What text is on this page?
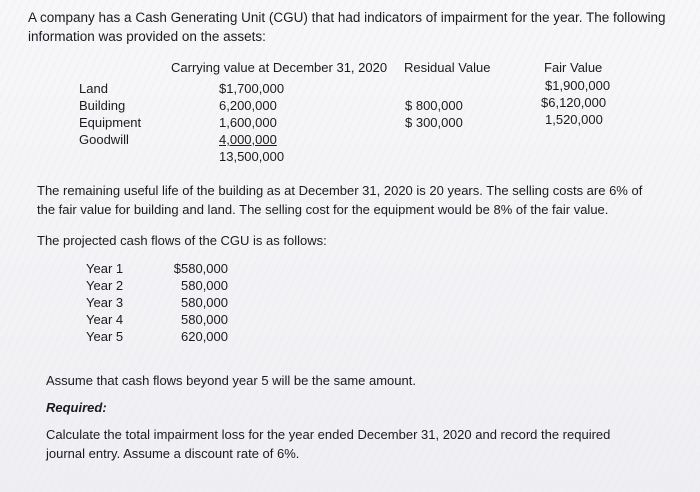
A company has a Cash Generating Unit (CGU) that had indicators of impairment for the year. The following information was provided on the assets:
Carrying value at December 31, 2020 Residual Value	Fair Value
Land
Building
Equipment
Goodwill
$1,700,000
6,200,000
1,600,000
4,000,000
13,500,000
$ 800,000
$ 300,000
$1,900,000
$6,120,000
1,520,000
The remaining useful life of the building as at December 31, 2020 is 20 years. The selling costs are 6% of the fair value for building and land. The selling cost for the equipment would be 8% of the fair value.
The projected cash flows of the CGU is as follows:
Year 1
Year 2
Year 3
Year 4
Year 5
$580,000
580,000
580,000
580,000
620,000
Assume that cash flows beyond year 5 will be the same amount.
Required:
Calculate the total impairment loss for the year ended December 31, 2020 and record the required journal entry. Assume a discount rate of 6%.
